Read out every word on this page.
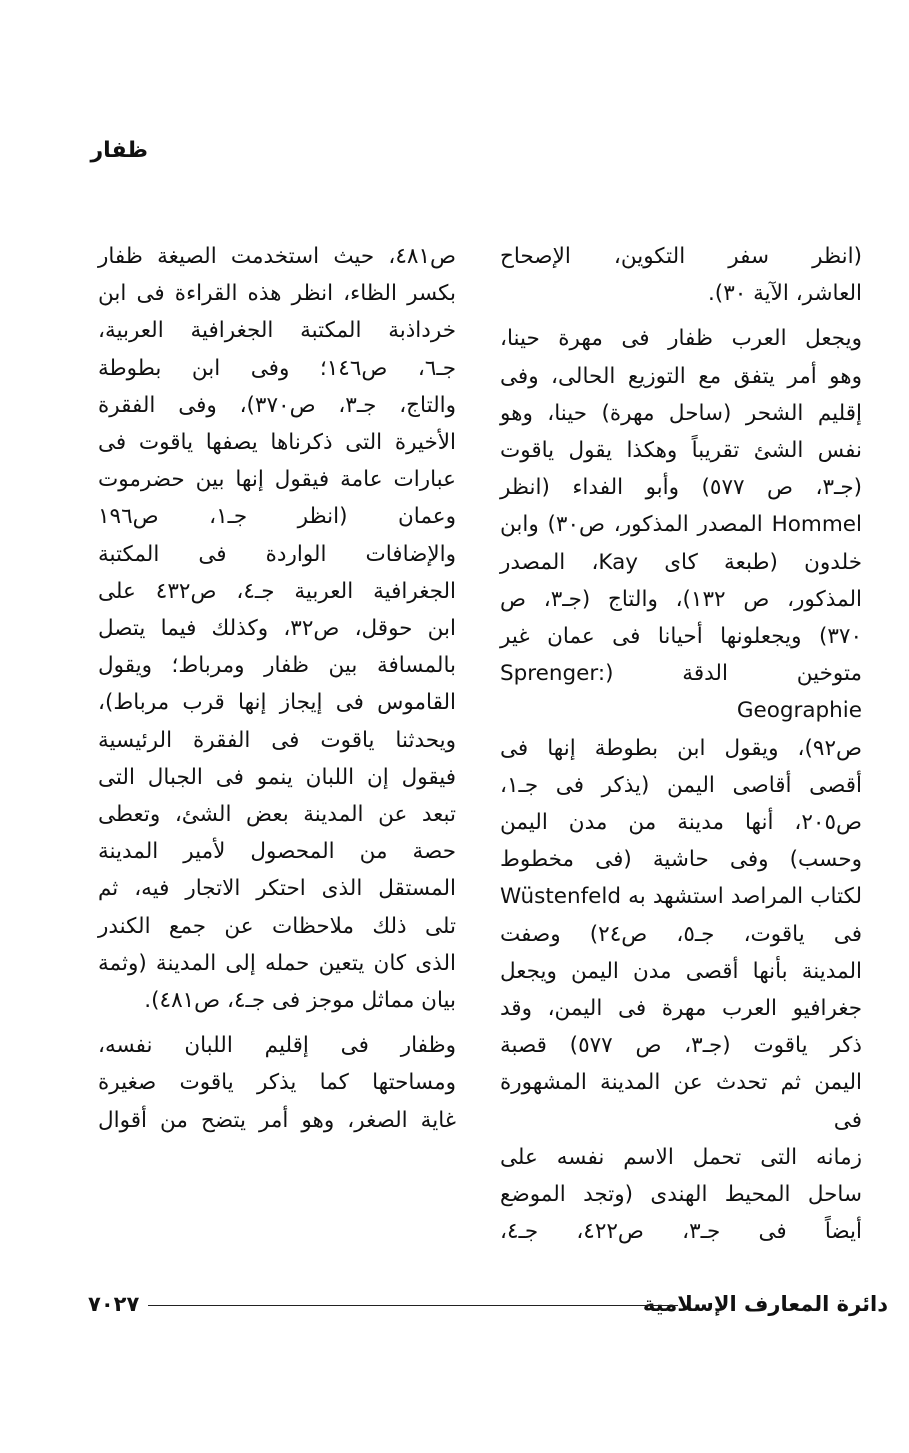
ظفار

(انظر سفر التكوين، الإصحاح

العاشر، الآية ٣٠).

ويجعل العرب ظفار فى مهرة حينا،

وهو أمر يتفق مع التوزيع الحالى، وفى

إقليم الشحر (ساحل مهرة) حينا، وهو

نفس الشئ تقريباً وهكذا يقول ياقوت

(جـ٣، ص ٥٧٧) وأبو الفداء (انظر

Hommel المصدر المذكور، ص٣٠) وابن

خلدون (طبعة كاى Kay، المصدر

المذكور، ص ١٣٢)، والتاج (جـ٣، ص

٣٧٠) ويجعلونها أحيانا فى عمان غير

متوخين الدقة (Sprenger: Geographie

ص٩٢)، ويقول ابن بطوطة إنها فى

أقصى أقاصى اليمن (يذكر فى جـ١،

ص٢٠٥، أنها مدينة من مدن اليمن

وحسب) وفى حاشية (فى مخطوط

لكتاب المراصد استشهد به Wüstenfeld

فى ياقوت، جـ٥، ص٢٤) وصفت

المدينة بأنها أقصى مدن اليمن ويجعل

جغرافيو العرب مهرة فى اليمن، وقد

ذكر ياقوت (جـ٣، ص ٥٧٧) قصبة

اليمن ثم تحدث عن المدينة المشهورة فى

زمانه التى تحمل الاسم نفسه على

ساحل المحيط الهندى (وتجد الموضع

أيضاً فى جـ٣، ص٤٢٢، جـ٤،

ص٤٨١، حيث استخدمت الصيغة ظفار

بكسر الظاء، انظر هذه القراءة فى ابن

خرداذبة المكتبة الجغرافية العربية،

جـ٦، ص١٤٦؛ وفى ابن بطوطة

والتاج، جـ٣، ص٣٧٠)، وفى الفقرة

الأخيرة التى ذكرناها يصفها ياقوت فى

عبارات عامة فيقول إنها بين حضرموت

وعمان (انظر جـ١، ص١٩٦

والإضافات الواردة فى المكتبة

الجغرافية العربية جـ٤، ص٤٣٢ على

ابن حوقل، ص٣٢، وكذلك فيما يتصل

بالمسافة بين ظفار ومرباط؛ ويقول

القاموس فى إيجاز إنها قرب مرباط)،

ويحدثنا ياقوت فى الفقرة الرئيسية

فيقول إن اللبان ينمو فى الجبال التى

تبعد عن المدينة بعض الشئ، وتعطى

حصة من المحصول لأمير المدينة

المستقل الذى احتكر الاتجار فيه، ثم

تلى ذلك ملاحظات عن جمع الكندر

الذى كان يتعين حمله إلى المدينة (وثمة

بيان مماثل موجز فى جـ٤، ص٤٨١).

وظفار فى إقليم اللبان نفسه،

ومساحتها كما يذكر ياقوت صغيرة

غاية الصغر، وهو أمر يتضح من أقوال

دائرة المعارف الإسلامية
٧٠٢٧
